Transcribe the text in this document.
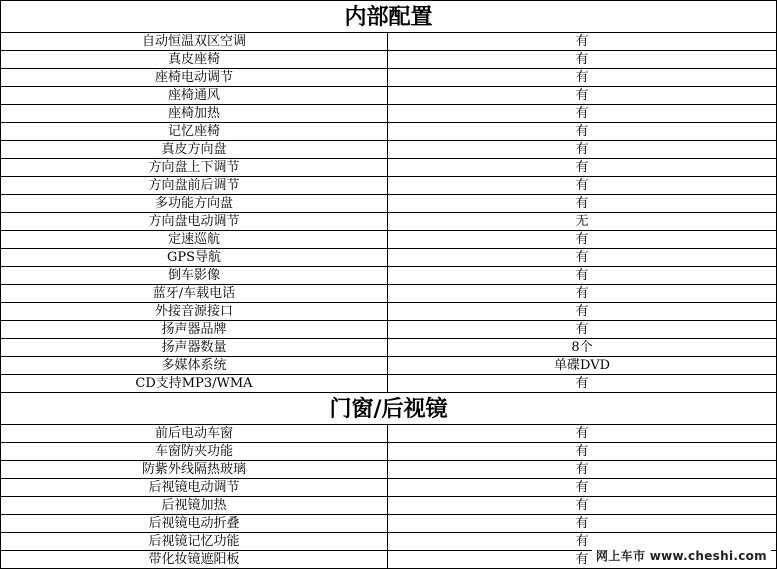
内部配置	
自动恒温双区空调	有
真皮座椅	有
座椅电动调节	有
座椅通风	有
座椅加热	有
记忆座椅	有
真皮方向盘	有
方向盘上下调节	有
方向盘前后调节	有
多功能方向盘	有
方向盘电动调节	无
定速巡航	有
GPS导航	有
倒车影像	有
蓝牙/车载电话	有
外接音源接口	有
扬声器品牌	有
扬声器数量	8个
多媒体系统	单碟DVD
CD支持MP3/WMA	有
门窗/后视镜	
前后电动车窗	有
车窗防夹功能	有
防紫外线隔热玻璃	有
后视镜电动调节	有
后视镜加热	有
后视镜电动折叠	有
后视镜记忆功能	有
带化妆镜遮阳板	有 网上车市 www.cheshi.com
